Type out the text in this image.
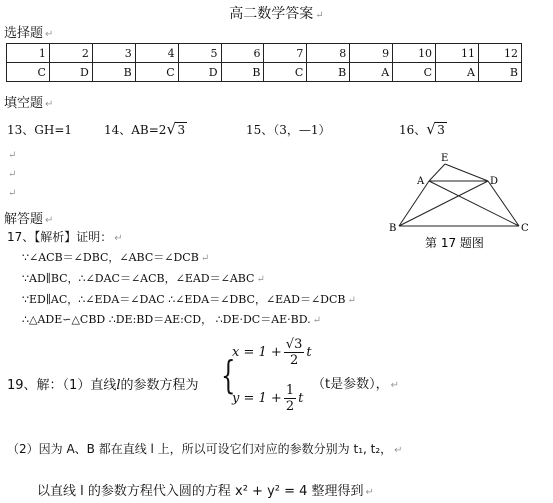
高二数学答案 ↵
选择题 ↵
1	2	3	4	5	6	7	8	9	10	11	12
C	D	B	C	D	B	C	B	A	C	A	B
填空题 ↵
13、GH=1	14、AB=2 √ 3	15、（3，—1）	16、 √ 3
↵
↵
↵
E
A	D
B	C
第 17 题图
解答题 ↵
17、【解析】证明： ↵
∵∠ACB＝∠DBC，∠ABC＝∠DCB ↵
∵AD∥BC，∴∠DAC＝∠ACB，∠EAD＝∠ABC ↵
∵ED∥AC，∴∠EDA＝∠DAC ∴∠EDA＝∠DBC，∠EAD＝∠DCB ↵
∴△ADE∽△CBD ∴DE:BD＝AE:CD， ∴DE·DC＝AE·BD. ↵
19、解：（1）直线l的参数方程为 {
$x = 1 + \frac{√3}{2}$ t
$y = 1 + \frac{1}{2}$ t
（t是参数）， ↵
（2）因为 A、B 都在直线 l 上，所以可设它们对应的参数分别为 t₁, t₂， ↵
以直线 l 的参数方程代入圆的方程 x² + y² = 4 整理得到 ↵
